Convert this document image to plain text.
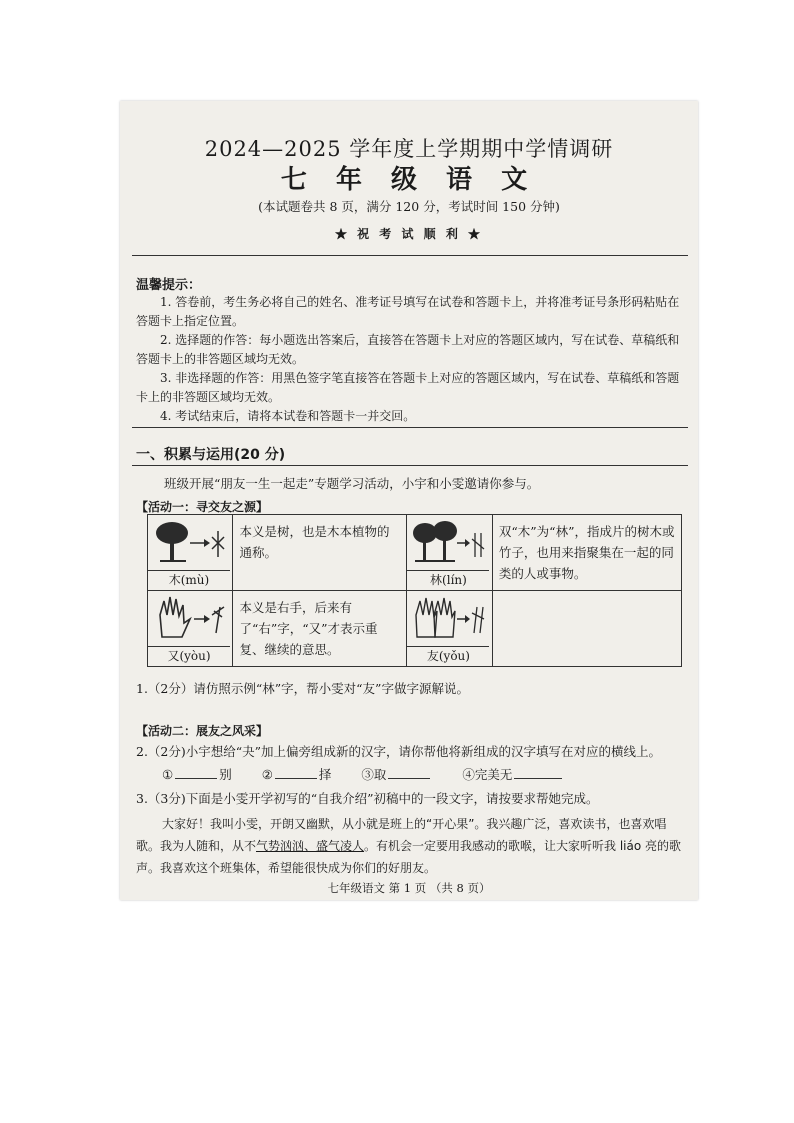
2024—2025 学年度上学期期中学情调研
七 年 级 语 文
(本试题卷共 8 页，满分 120 分，考试时间 150 分钟)
★ 祝 考 试 顺 利 ★
温馨提示：
1. 答卷前，考生务必将自己的姓名、准考证号填写在试卷和答题卡上，并将准考证号条形码粘贴在答题卡上指定位置。
2. 选择题的作答：每小题选出答案后，直接答在答题卡上对应的答题区域内，写在试卷、草稿纸和答题卡上的非答题区域均无效。
3. 非选择题的作答：用黑色签字笔直接答在答题卡上对应的答题区域内，写在试卷、草稿纸和答题卡上的非答题区域均无效。
4. 考试结束后，请将本试卷和答题卡一并交回。
一、积累与运用(20 分)
班级开展“朋友一生一起走”专题学习活动，小宇和小雯邀请你参与。
【活动一：寻交友之源】
木(mù)	本义是树，也是木本植物的通称。	林(lín)	双“木”为“林”，指成片的树木或竹子，也用来指聚集在一起的同类的人或事物。

又(yòu)	本义是右手，后来有了“右”字，“又”才表示重复、继续的意思。	友(yǒu)	

1.（2分）请仿照示例“林”字，帮小雯对“友”字做字源解说。
【活动二：展友之风采】
2.（2分)小宇想给“夬”加上偏旁组成新的汉字，请你帮他将新组成的汉字填写在对应的横线上。
①	别 ②	择 ③取	④完美无
3.（3分)下面是小雯开学初写的“自我介绍”初稿中的一段文字，请按要求帮她完成。
大家好！我叫小雯，开朗又幽默，从小就是班上的“开心果”。我兴趣广泛，喜欢读书，也喜欢唱歌。我为人随和，从不气势汹汹、盛气凌人。有机会一定要用我感动的歌喉，让大家听听我 liáo 亮的歌声。我喜欢这个班集体，希望能很快成为你们的好朋友。
七年级语文 第 1 页 （共 8 页）
